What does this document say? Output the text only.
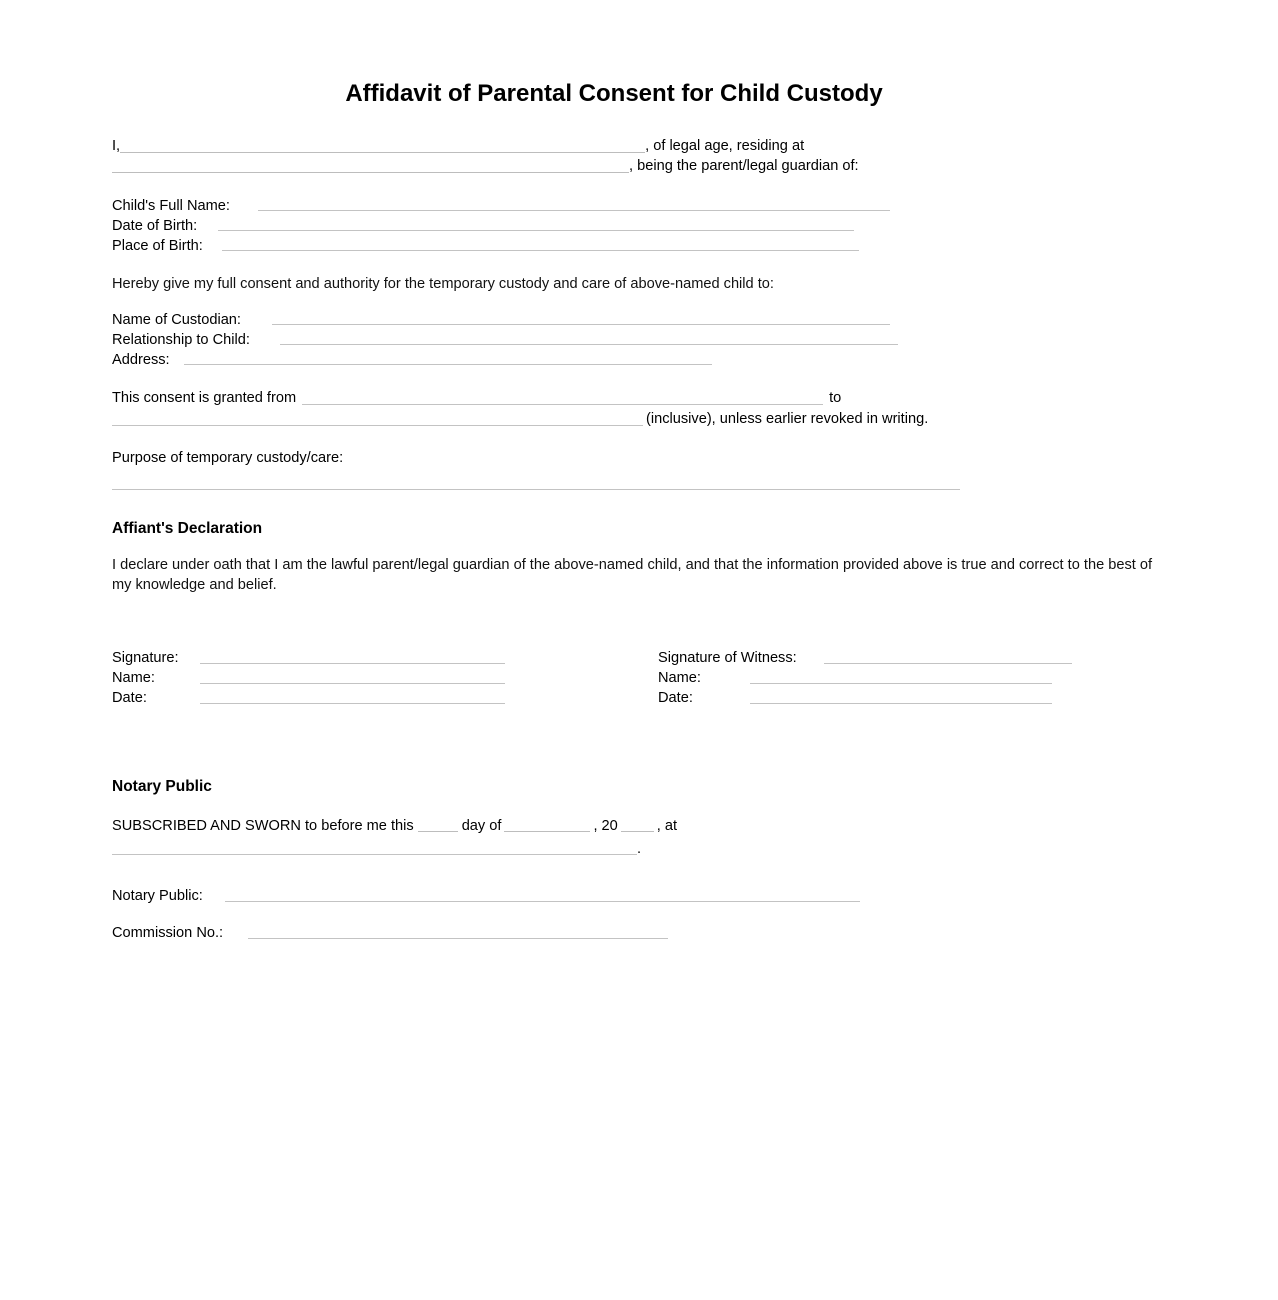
Affidavit of Parental Consent for Child Custody
I,	, of legal age, residing at
, being the parent/legal guardian of:
Child's Full Name:
Date of Birth:
Place of Birth:

Hereby give my full consent and authority for the temporary custody and care of above-named child to:

Name of Custodian:
Relationship to Child:
Address:
This consent is granted from	to
(inclusive), unless earlier revoked in writing.
Purpose of temporary custody/care:
Affiant's Declaration

I declare under oath that I am the lawful parent/legal guardian of the above-named child, and that the information provided above is true and correct to the best of my knowledge and belief.

Signature:
Name:
Date:
Signature of Witness:
Name:
Date:
Notary Public
SUBSCRIBED AND SWORN to before me this	day of	, 20	, at
.
Notary Public:
Commission No.:
